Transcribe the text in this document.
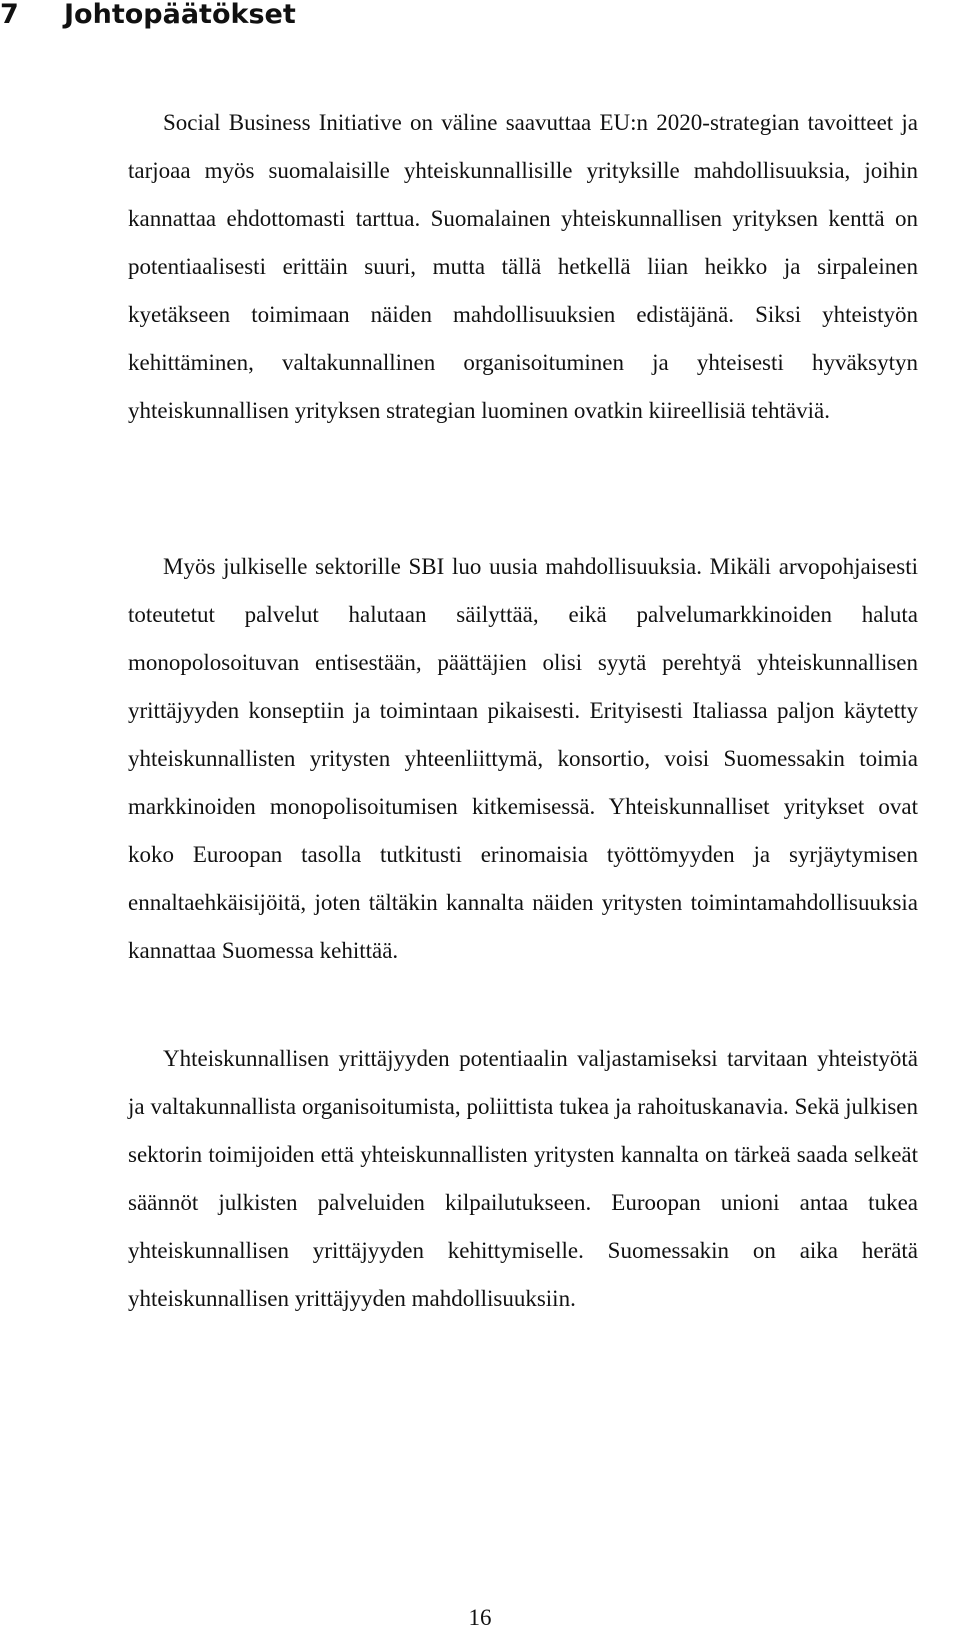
7 Johtopäätökset

Social Business Initiative on väline saavuttaa EU:n 2020-strategian tavoitteet ja tarjoaa myös suomalaisille yhteiskunnallisille yrityksille mahdollisuuksia, joihin kannattaa ehdottomasti tarttua. Suomalainen yhteiskunnallisen yrityksen kenttä on potentiaalisesti erittäin suuri, mutta tällä hetkellä liian heikko ja sirpaleinen kyetäkseen toimimaan näiden mahdollisuuksien edistäjänä. Siksi yhteistyön kehittäminen, valtakunnallinen organisoituminen ja yhteisesti hyväksytyn yhteiskunnallisen yrityksen strategian luominen ovatkin kiireellisiä tehtäviä.

Myös julkiselle sektorille SBI luo uusia mahdollisuuksia. Mikäli arvopohjaisesti toteutetut palvelut halutaan säilyttää, eikä palvelumarkkinoiden haluta monopolosoituvan entisestään, päättäjien olisi syytä perehtyä yhteiskunnallisen yrittäjyyden konseptiin ja toimintaan pikaisesti. Erityisesti Italiassa paljon käytetty yhteiskunnallisten yritysten yhteenliittymä, konsortio, voisi Suomessakin toimia markkinoiden monopolisoitumisen kitkemisessä. Yhteiskunnalliset yritykset ovat koko Euroopan tasolla tutkitusti erinomaisia työttömyyden ja syrjäytymisen ennaltaehkäisijöitä, joten tältäkin kannalta näiden yritysten toimintamahdollisuuksia kannattaa Suomessa kehittää.

Yhteiskunnallisen yrittäjyyden potentiaalin valjastamiseksi tarvitaan yhteistyötä ja valtakunnallista organisoitumista, poliittista tukea ja rahoituskanavia. Sekä julkisen sektorin toimijoiden että yhteiskunnallisten yritysten kannalta on tärkeä saada selkeät säännöt julkisten palveluiden kilpailutukseen. Euroopan unioni antaa tukea yhteiskunnallisen yrittäjyyden kehittymiselle. Suomessakin on aika herätä yhteiskunnallisen yrittäjyyden mahdollisuuksiin.

16
